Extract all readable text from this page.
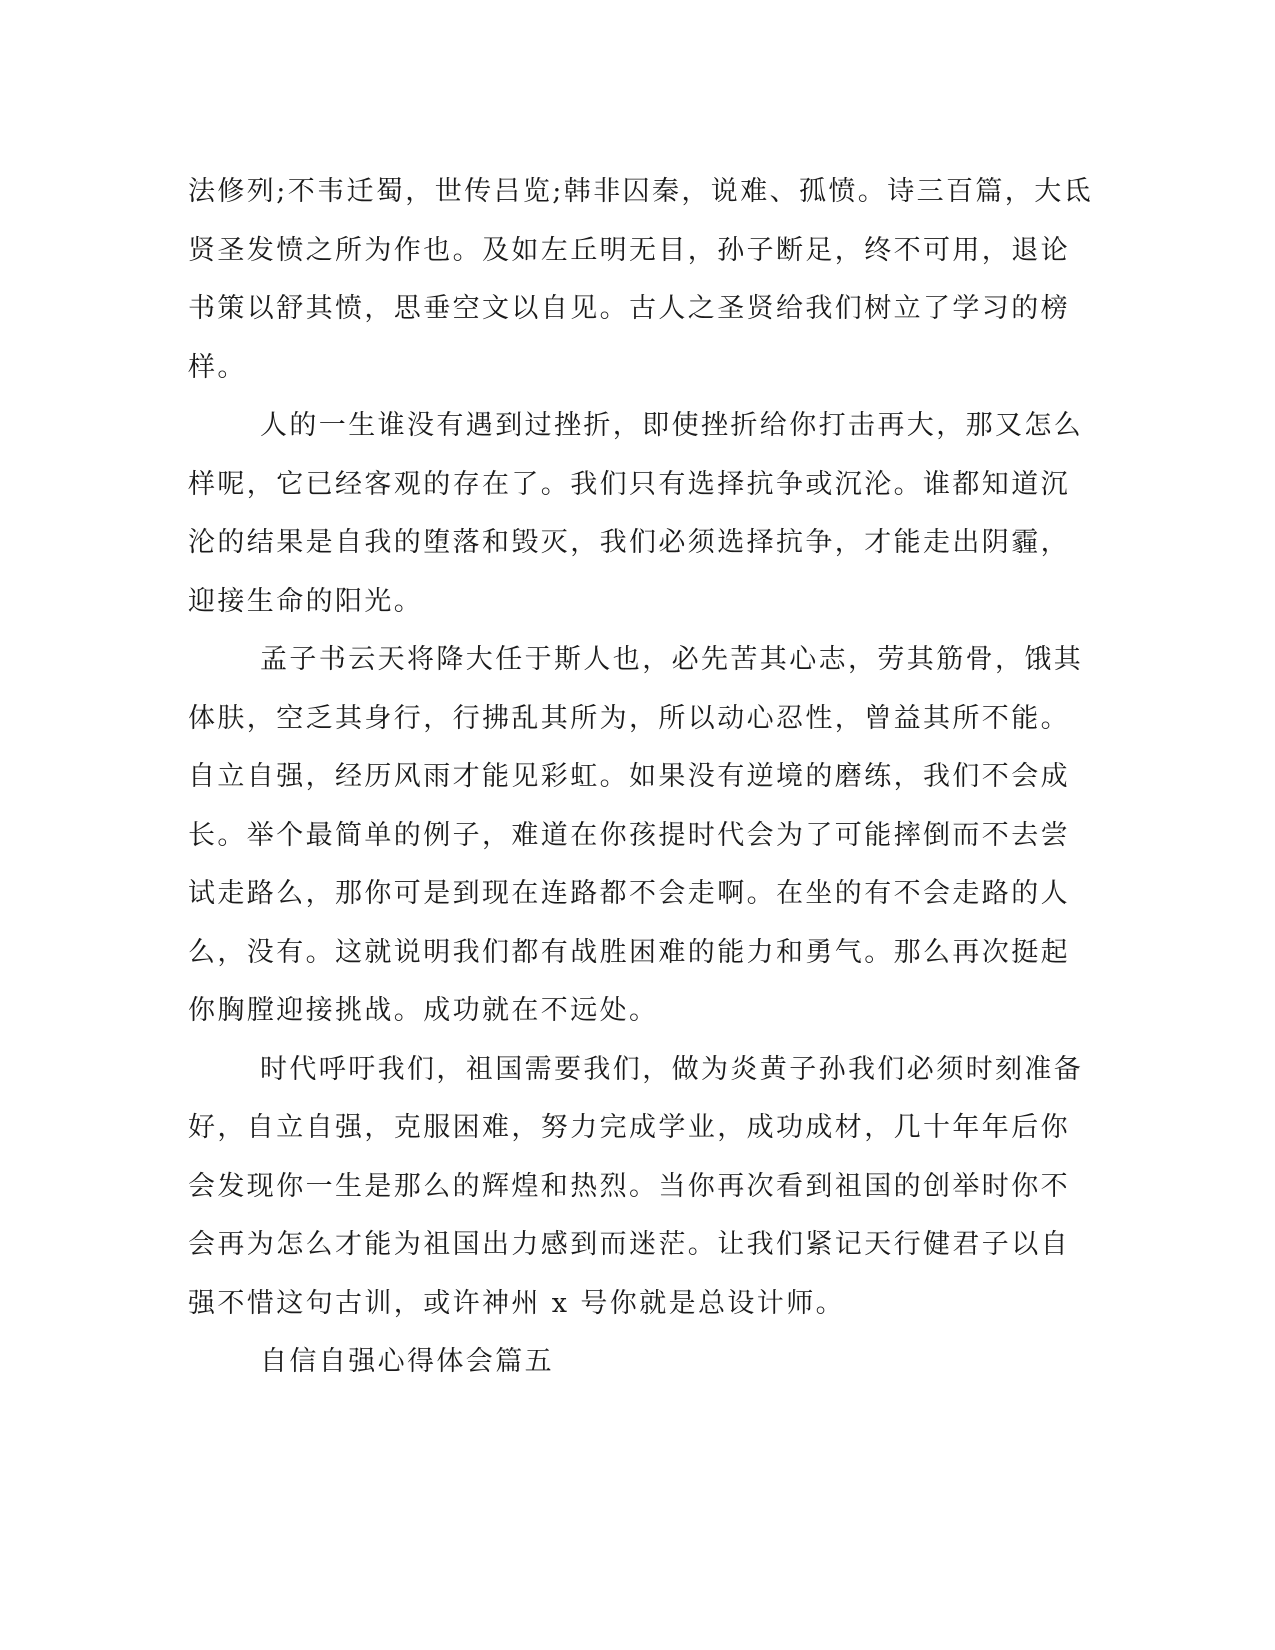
法修列;不韦迁蜀，世传吕览;韩非囚秦，说难、孤愤。诗三百篇，大氐
贤圣发愤之所为作也。及如左丘明无目，孙子断足，终不可用，退论
书策以舒其愤，思垂空文以自见。古人之圣贤给我们树立了学习的榜
样。
人的一生谁没有遇到过挫折，即使挫折给你打击再大，那又怎么
样呢，它已经客观的存在了。我们只有选择抗争或沉沦。谁都知道沉
沦的结果是自我的堕落和毁灭，我们必须选择抗争，才能走出阴霾，
迎接生命的阳光。
孟子书云天将降大任于斯人也，必先苦其心志，劳其筋骨，饿其
体肤，空乏其身行，行拂乱其所为，所以动心忍性，曾益其所不能。
自立自强，经历风雨才能见彩虹。如果没有逆境的磨练，我们不会成
长。举个最简单的例子，难道在你孩提时代会为了可能摔倒而不去尝
试走路么，那你可是到现在连路都不会走啊。在坐的有不会走路的人
么，没有。这就说明我们都有战胜困难的能力和勇气。那么再次挺起
你胸膛迎接挑战。成功就在不远处。
时代呼吁我们，祖国需要我们，做为炎黄子孙我们必须时刻准备
好，自立自强，克服困难，努力完成学业，成功成材，几十年年后你
会发现你一生是那么的辉煌和热烈。当你再次看到祖国的创举时你不
会再为怎么才能为祖国出力感到而迷茫。让我们紧记天行健君子以自
强不惜这句古训，或许神州 x 号你就是总设计师。
自信自强心得体会篇五
